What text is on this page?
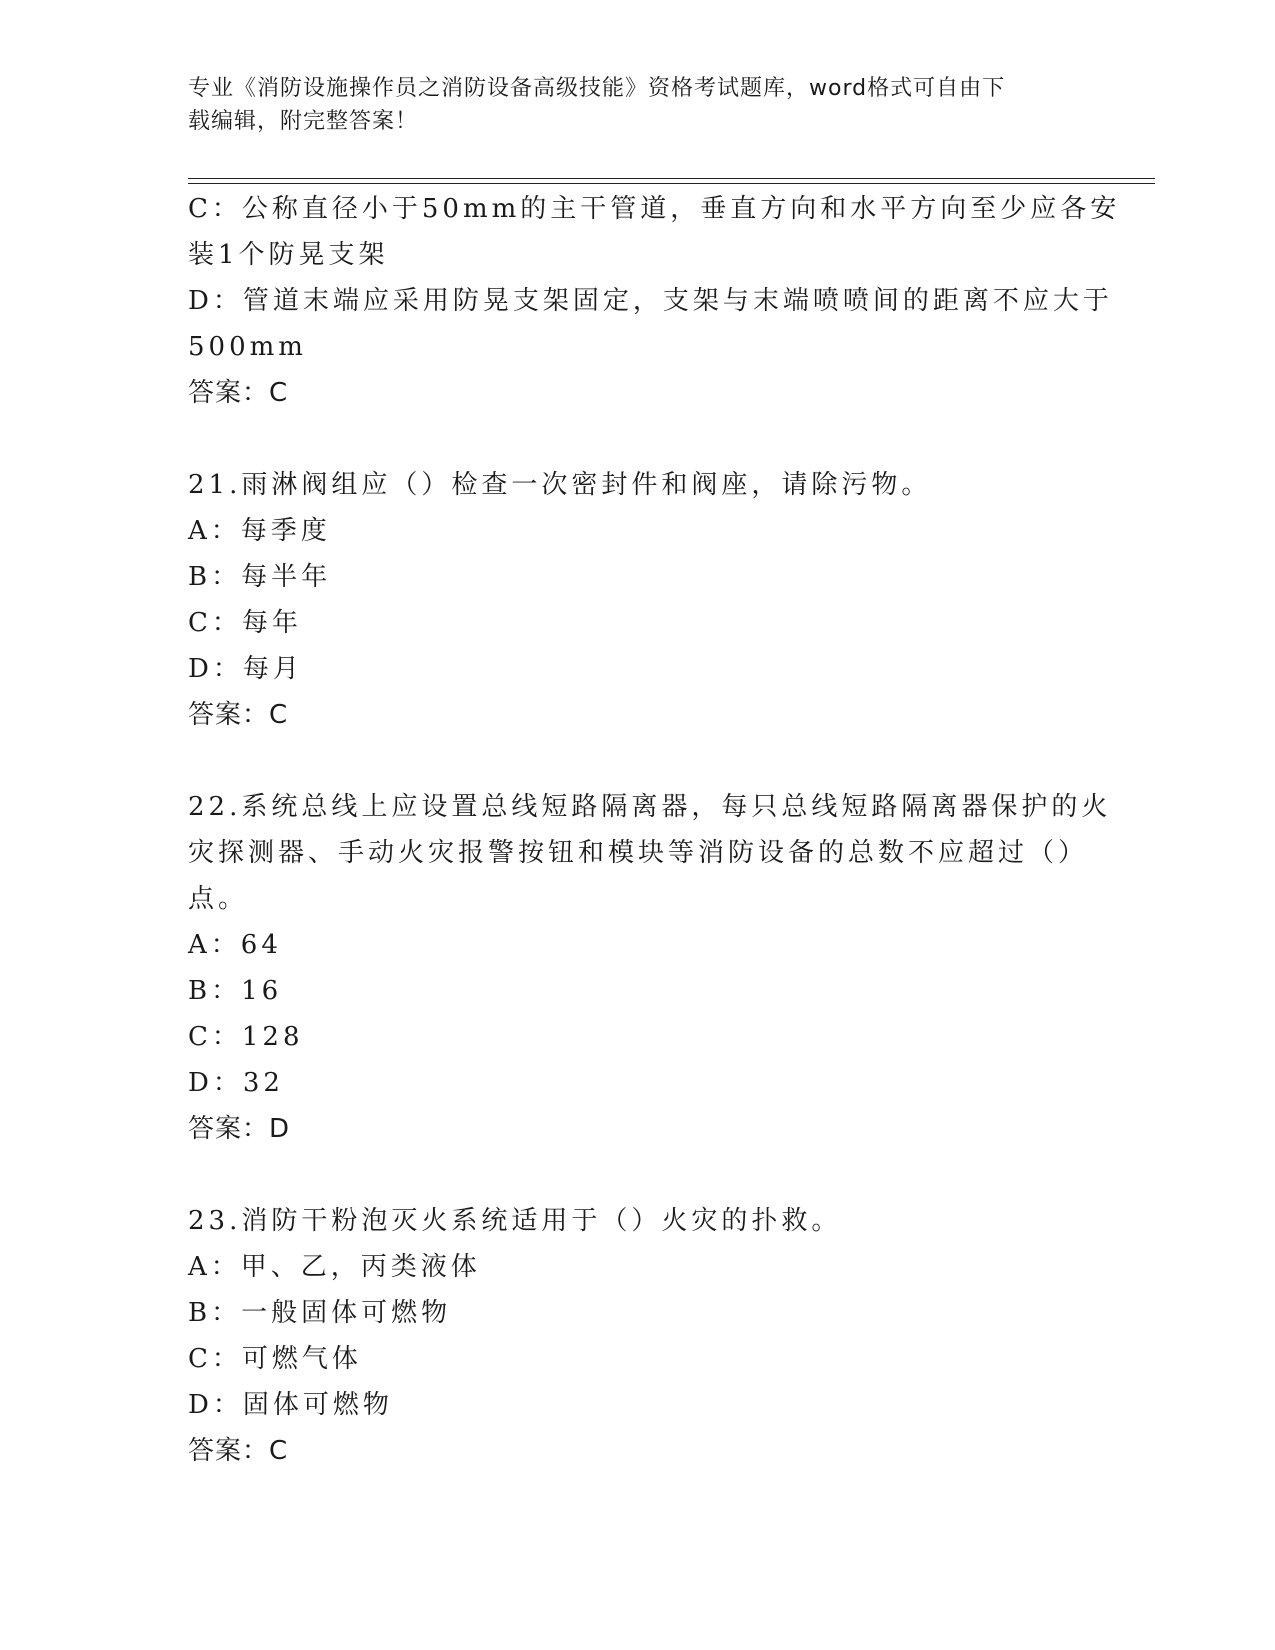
专业《消防设施操作员之消防设备高级技能》资格考试题库，word格式可自由下
载编辑，附完整答案！
C：公称直径小于50mm的主干管道，垂直方向和水平方向至少应各安
装1个防晃支架
D：管道末端应采用防晃支架固定，支架与末端喷喷间的距离不应大于
500mm
答案：C
21.雨淋阀组应（）检查一次密封件和阀座，请除污物。
A：每季度
B：每半年
C：每年
D：每月
答案：C
22.系统总线上应设置总线短路隔离器，每只总线短路隔离器保护的火
灾探测器、手动火灾报警按钮和模块等消防设备的总数不应超过（）
点。
A：64
B：16
C：128
D：32
答案：D
23.消防干粉泡灭火系统适用于（）火灾的扑救。
A：甲、乙，丙类液体
B：一般固体可燃物
C：可燃气体
D：固体可燃物
答案：C
